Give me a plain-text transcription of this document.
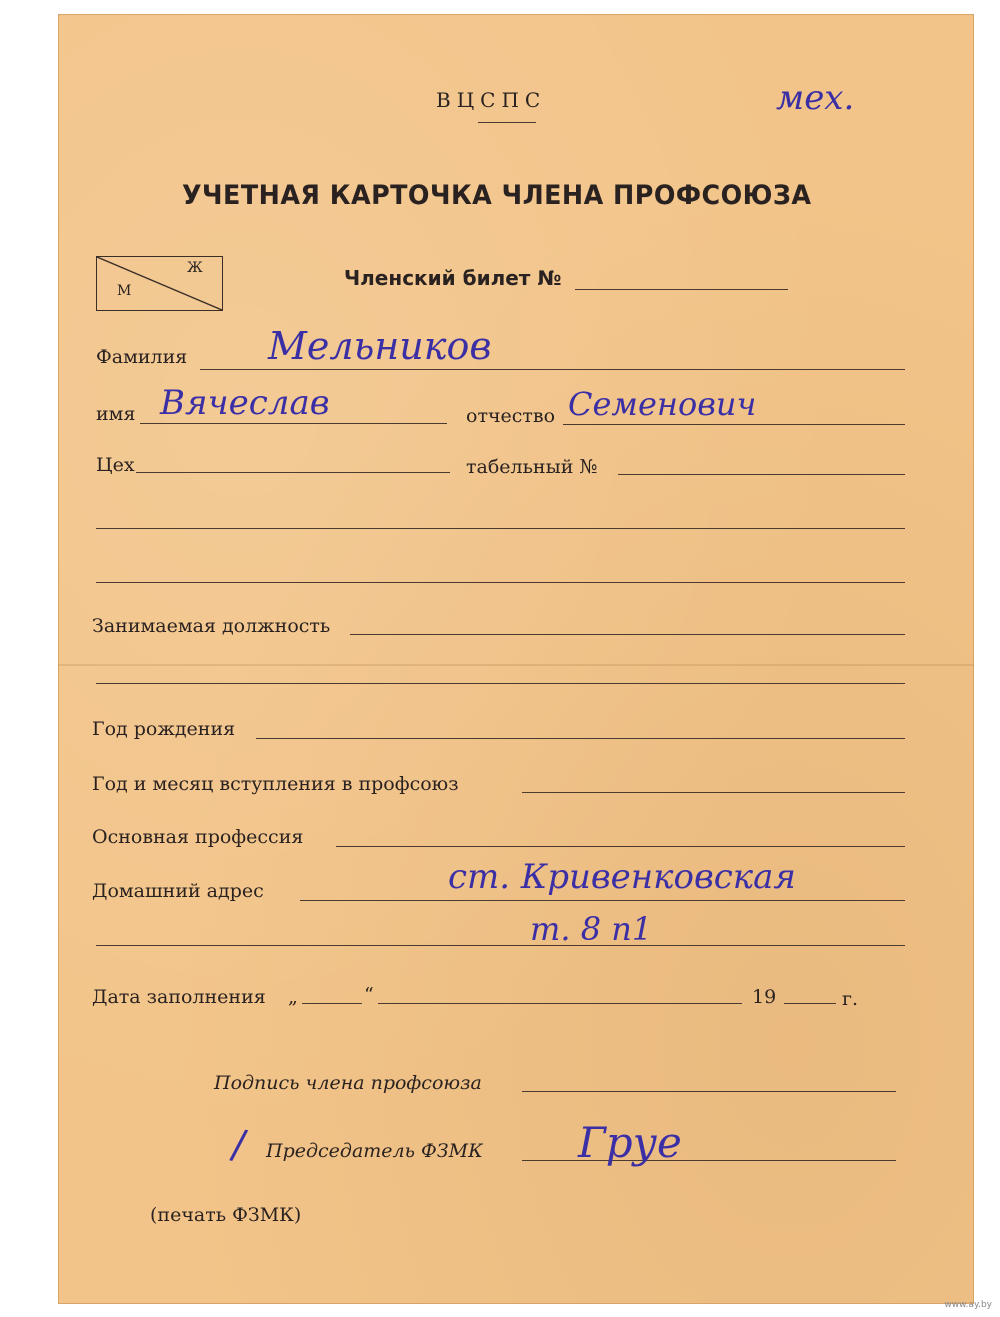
ВЦСПС	мех.
УЧЕТНАЯ КАРТОЧКА ЧЛЕНА ПРОФСОЮЗА
М
Ж	Членский билет №
Фамилия Мельников
имя Вячеслав	отчество Семенович
Цех	табельный №
Занимаемая должность
Год рождения
Год и месяц вступления в профсоюз
Основная профессия
Домашний адрес	ст. Кривенковская
т. 8 п1
Дата заполнения „	“	19	г.
Подпись члена профсоюза
/ Председатель ФЗМК Груе
(печать ФЗМК)
www.ay.by
